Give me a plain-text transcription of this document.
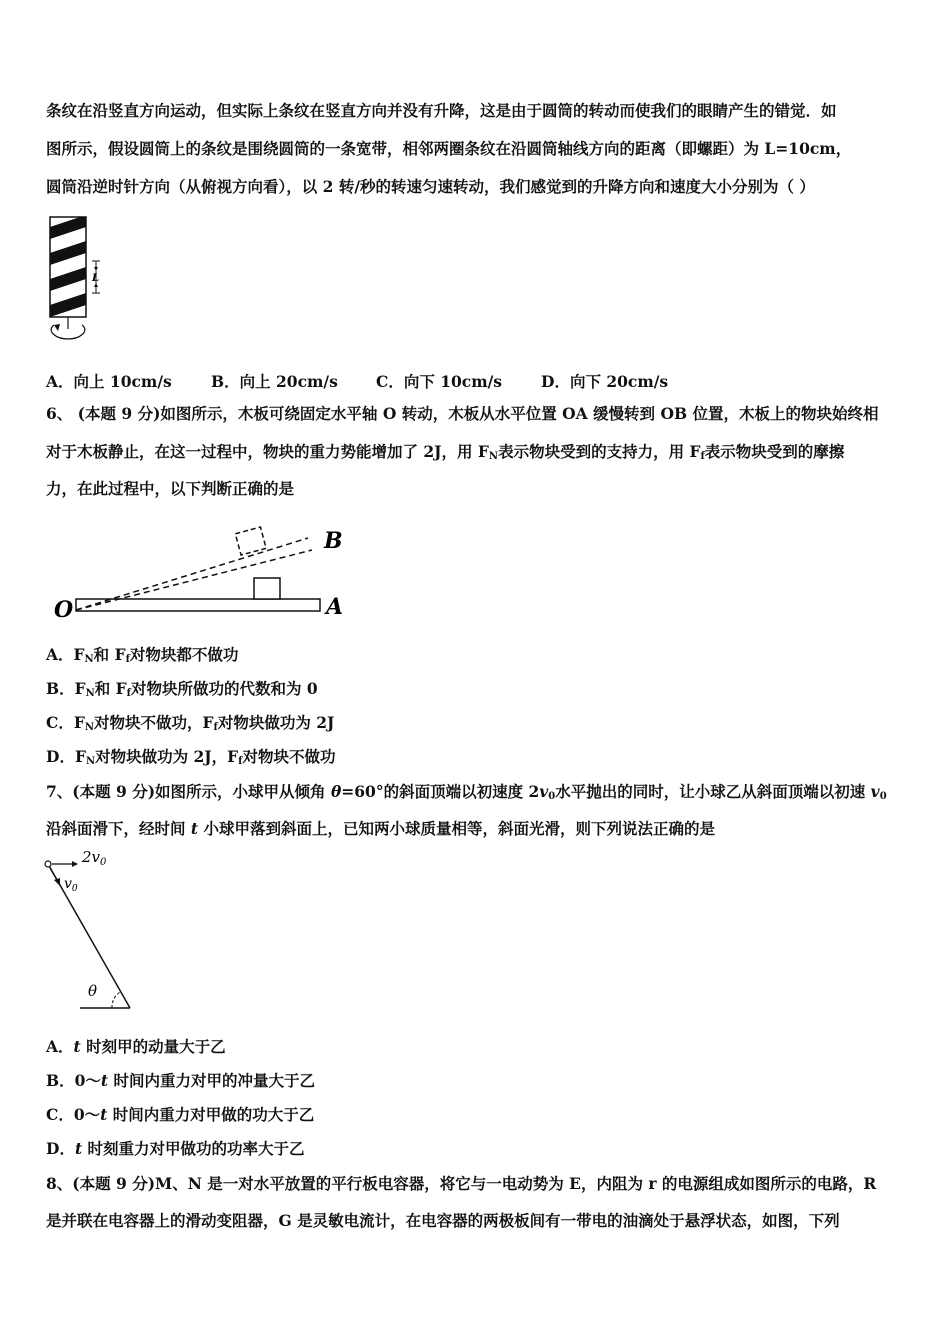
条纹在沿竖直方向运动，但实际上条纹在竖直方向并没有升降，这是由于圆筒的转动而使我们的眼睛产生的错觉．如
图所示，假设圆筒上的条纹是围绕圆筒的一条宽带，相邻两圈条纹在沿圆筒轴线方向的距离（即螺距）为 L=10cm，
圆筒沿逆时针方向（从俯视方向看），以 2 转/秒的转速匀速转动，我们感觉到的升降方向和速度大小分别为（ ）
L
A．向上 10cm/s	B．向上 20cm/s C．向下 10cm/s	D．向下 20cm/s
6、 (本题 9 分)如图所示，木板可绕固定水平轴 O 转动，木板从水平位置 OA 缓慢转到 OB 位置，木板上的物块始终相
对于木板静止，在这一过程中，物块的重力势能增加了 2J，用 $F_N$表示物块受到的支持力，用 $F_f$表示物块受到的摩擦
力，在此过程中，以下判断正确的是
O	A
B
A．$F_N$和 $F_f$对物块都不做功
B．$F_N$和 $F_f$对物块所做功的代数和为 0
C．$F_N$对物块不做功，$F_f$对物块做功为 2J
D．$F_N$对物块做功为 2J，$F_f$对物块不做功
7、(本题 9 分)如图所示，小球甲从倾角 θ=60°的斜面顶端以初速度 $2v_0$水平抛出的同时，让小球乙从斜面顶端以初速 $v_0$
沿斜面滑下，经时间 t 小球甲落到斜面上，已知两小球质量相等，斜面光滑，则下列说法正确的是
$2v_0$
$v_0$
θ
A．t 时刻甲的动量大于乙
B．0～t 时间内重力对甲的冲量大于乙
C．0～t 时间内重力对甲做的功大于乙
D．t 时刻重力对甲做功的功率大于乙
8、(本题 9 分)M、N 是一对水平放置的平行板电容器，将它与一电动势为 E，内阻为 r 的电源组成如图所示的电路，R
是并联在电容器上的滑动变阻器，G 是灵敏电流计，在电容器的两极板间有一带电的油滴处于悬浮状态，如图，下列
